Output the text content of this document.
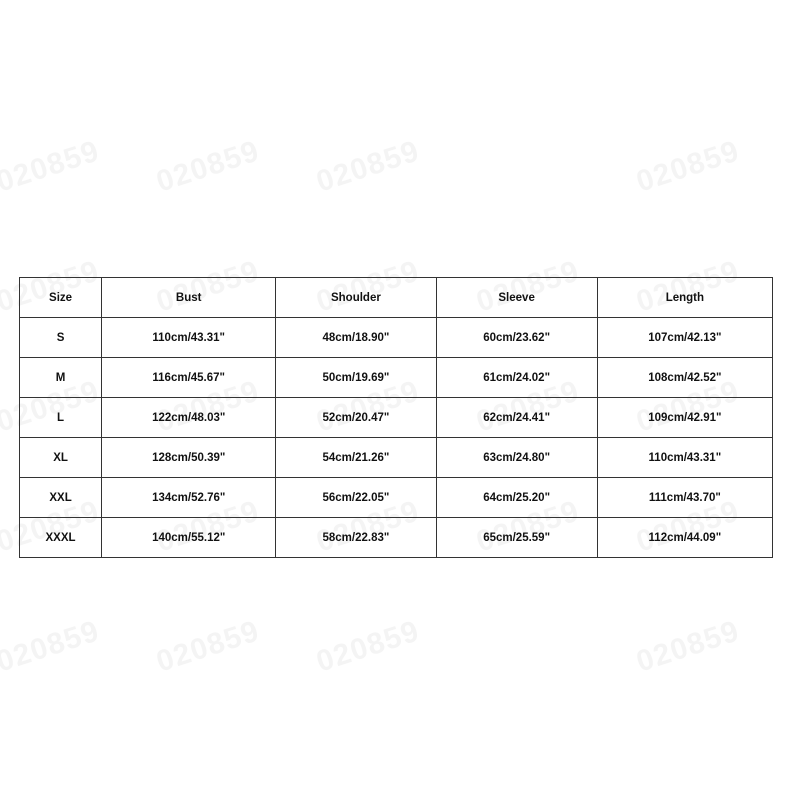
Size	Bust	Shoulder	Sleeve	Length
S	110cm/43.31"	48cm/18.90"	60cm/23.62"	107cm/42.13"
M	116cm/45.67"	50cm/19.69"	61cm/24.02"	108cm/42.52"
L	122cm/48.03"	52cm/20.47"	62cm/24.41"	109cm/42.91"
XL	128cm/50.39"	54cm/21.26"	63cm/24.80"	110cm/43.31"
XXL	134cm/52.76"	56cm/22.05"	64cm/25.20"	111cm/43.70"
XXXL	140cm/55.12"	58cm/22.83"	65cm/25.59"	112cm/44.09"
